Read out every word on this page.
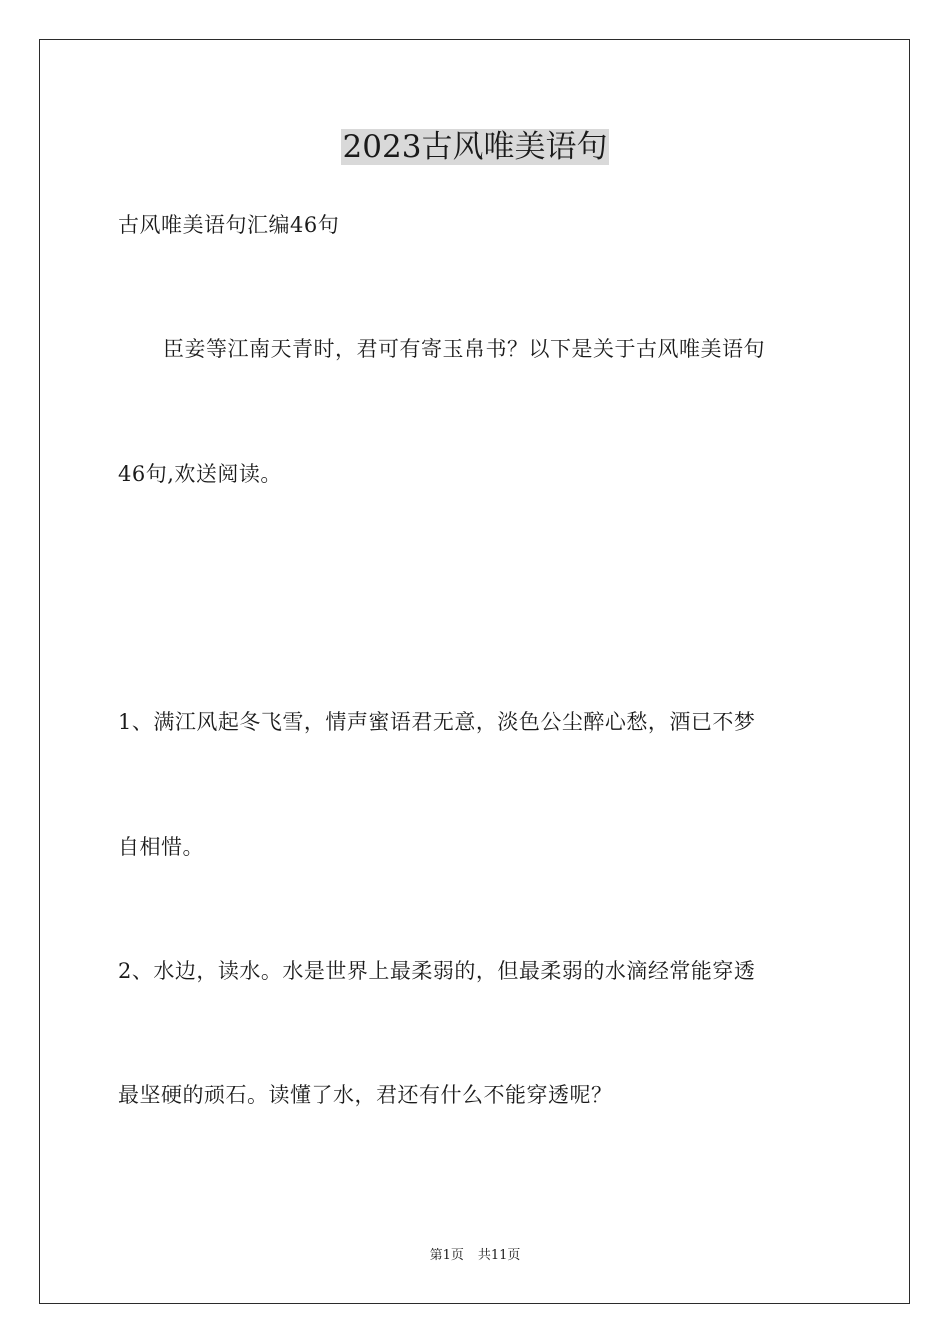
2023古风唯美语句

古风唯美语句汇编46句

臣妾等江南天青时，君可有寄玉帛书？以下是关于古风唯美语句

46句,欢送阅读。

1、满江风起冬飞雪，情声蜜语君无意，淡色公尘醉心愁，酒已不梦

自相惜。

2、水边，读水。水是世界上最柔弱的，但最柔弱的水滴经常能穿透

最坚硬的顽石。读懂了水，君还有什么不能穿透呢？

第1页 共11页
